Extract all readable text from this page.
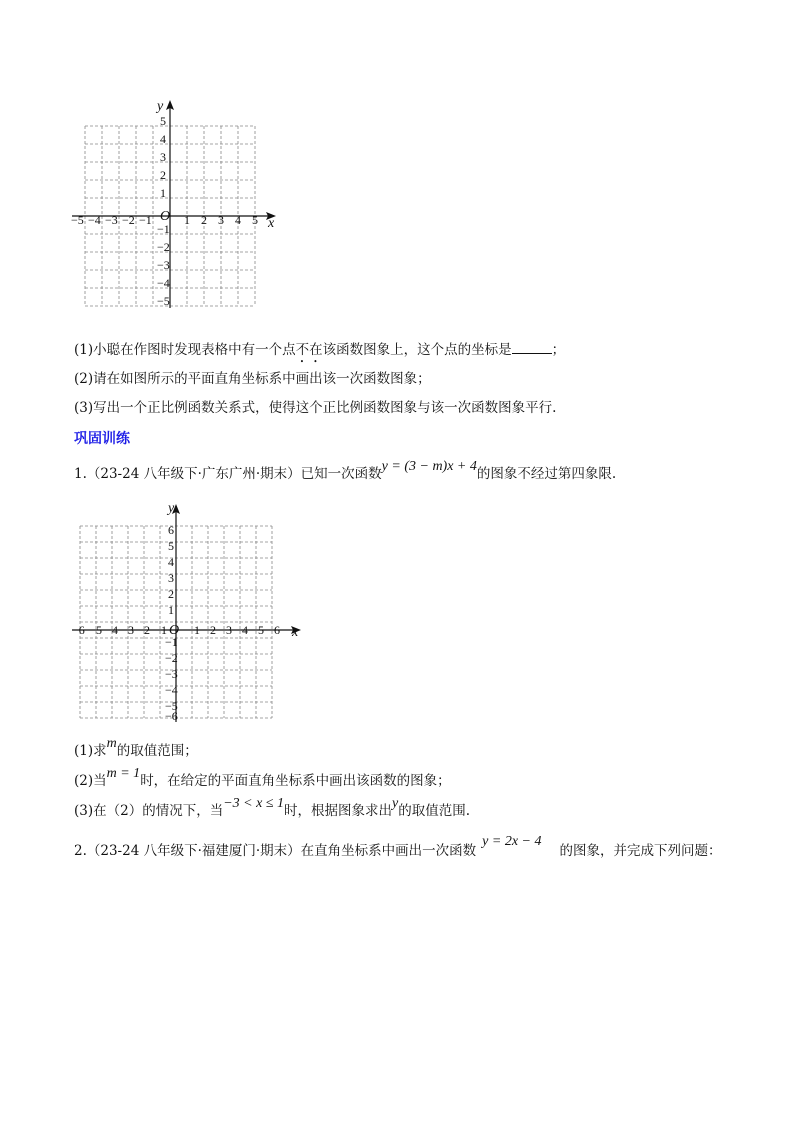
y
x
O
−5 −4 −3 −2 −1	1 2 3 4 5
5
4
3
2
1
−1
−2
−3
−4
−5
(1)小聪在作图时发现表格中有一个点不在该函数图象上，这个点的坐标是	；
(2)请在如图所示的平面直角坐标系中画出该一次函数图象；
(3)写出一个正比例函数关系式，使得这个正比例函数图象与该一次函数图象平行.
巩固训练
1.（23-24 八年级下·广东广州·期末）已知一次函数y = (3 − m)x + 4的图象不经过第四象限.
y
x
O
−6 5 4 3 2 1 1 2 3 4 5 6
6
5
4
3
2
1
−1
−2
−3
−4
−5
−6
(1)求m的取值范围；
(2)当m = 1时，在给定的平面直角坐标系中画出该函数的图象；
(3)在（2）的情况下，当−3 < x ≤ 1时，根据图象求出y的取值范围.
2.（23-24 八年级下·福建厦门·期末）在直角坐标系中画出一次函数y = 2x − 4的图象，并完成下列问题：
